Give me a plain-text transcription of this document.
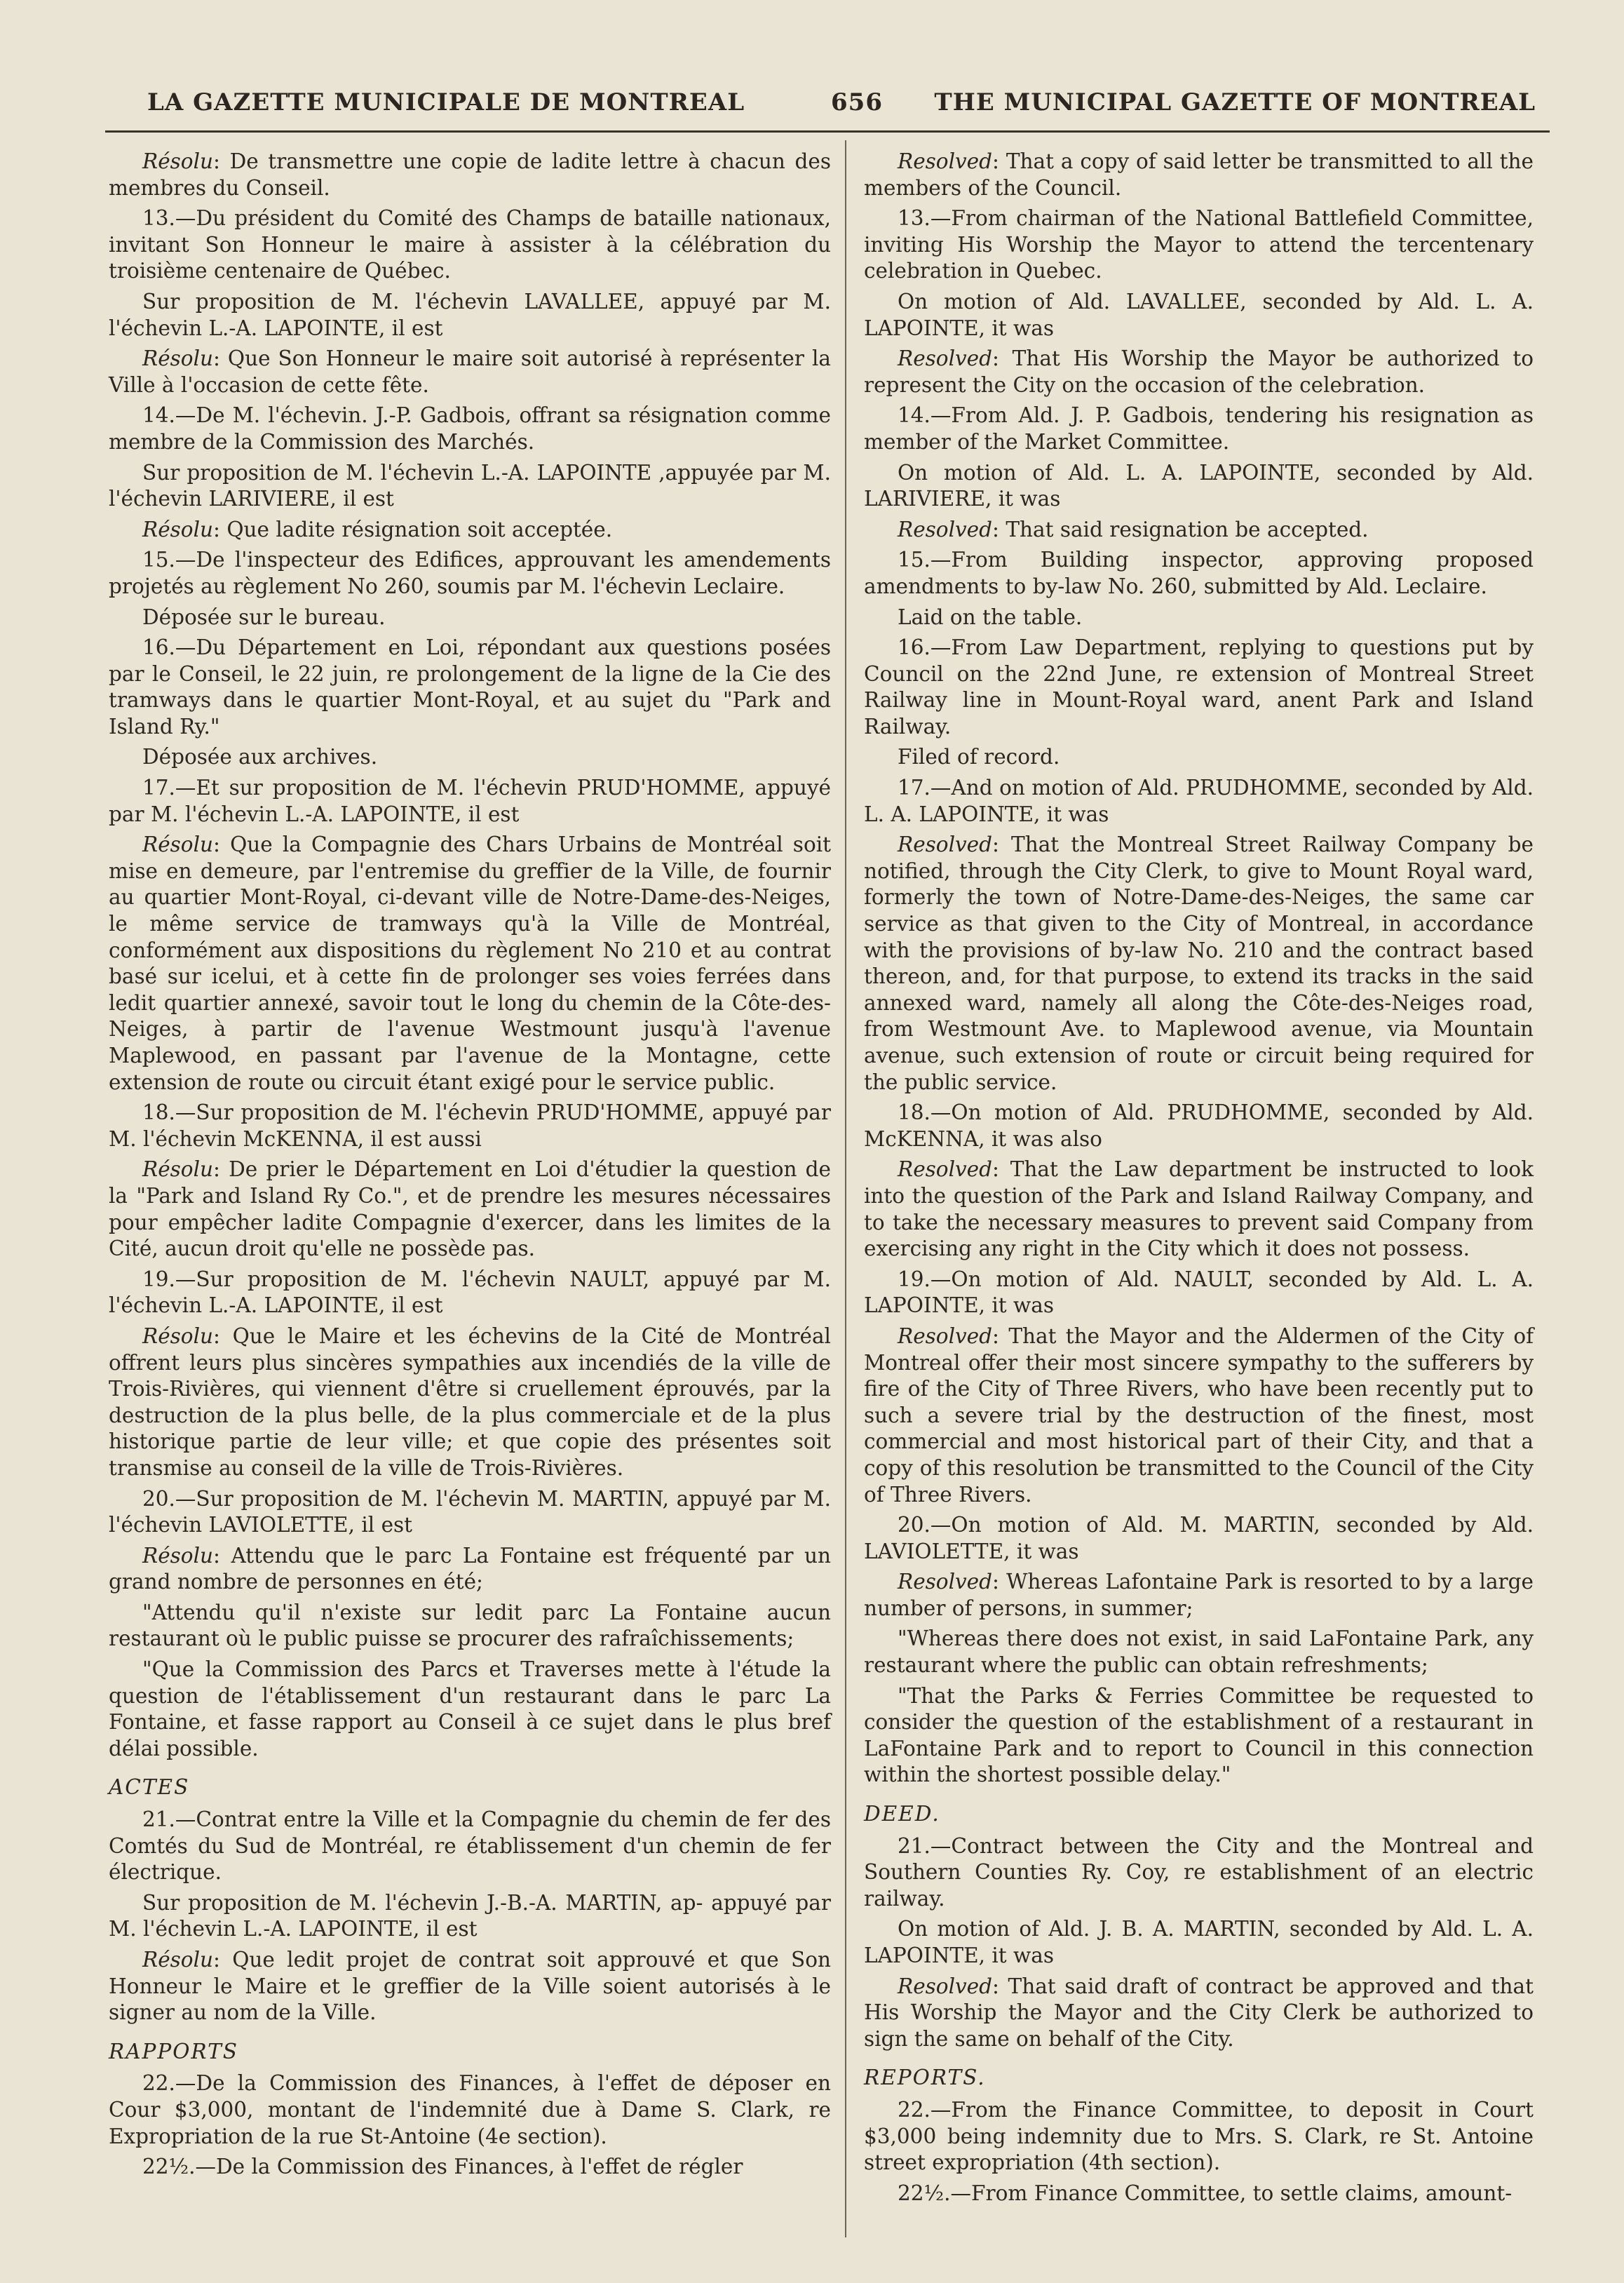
LA GAZETTE MUNICIPALE DE MONTREAL	656 THE MUNICIPAL GAZETTE OF MONTREAL

Résolu: De transmettre une copie de ladite lettre à chacun des membres du Conseil.

13.—Du président du Comité des Champs de bataille nationaux, invitant Son Honneur le maire à assister à la célébration du troisième centenaire de Québec.

Sur proposition de M. l'échevin LAVALLEE, appuyé par M. l'échevin L.-A. LAPOINTE, il est

Résolu: Que Son Honneur le maire soit autorisé à représenter la Ville à l'occasion de cette fête.

14.—De M. l'échevin. J.-P. Gadbois, offrant sa résignation comme membre de la Commission des Marchés.

Sur proposition de M. l'échevin L.-A. LAPOINTE ,appuyée par M. l'échevin LARIVIERE, il est

Résolu: Que ladite résignation soit acceptée.

15.—De l'inspecteur des Edifices, approuvant les amendements projetés au règlement No 260, soumis par M. l'échevin Leclaire.

Déposée sur le bureau.

16.—Du Département en Loi, répondant aux questions posées par le Conseil, le 22 juin, re prolongement de la ligne de la Cie des tramways dans le quartier Mont-Royal, et au sujet du "Park and Island Ry."

Déposée aux archives.

17.—Et sur proposition de M. l'échevin PRUD'HOMME, appuyé par M. l'échevin L.-A. LAPOINTE, il est

Résolu: Que la Compagnie des Chars Urbains de Montréal soit mise en demeure, par l'entremise du greffier de la Ville, de fournir au quartier Mont-Royal, ci-devant ville de Notre-Dame-des-Neiges, le même service de tramways qu'à la Ville de Montréal, conformément aux dispositions du règlement No 210 et au contrat basé sur icelui, et à cette fin de prolonger ses voies ferrées dans ledit quartier annexé, savoir tout le long du chemin de la Côte-des-Neiges, à partir de l'avenue Westmount jusqu'à l'avenue Maplewood, en passant par l'avenue de la Montagne, cette extension de route ou circuit étant exigé pour le service public.

18.—Sur proposition de M. l'échevin PRUD'HOMME, appuyé par M. l'échevin McKENNA, il est aussi

Résolu: De prier le Département en Loi d'étudier la question de la "Park and Island Ry Co.", et de prendre les mesures nécessaires pour empêcher ladite Compagnie d'exercer, dans les limites de la Cité, aucun droit qu'elle ne possède pas.

19.—Sur proposition de M. l'échevin NAULT, appuyé par M. l'échevin L.-A. LAPOINTE, il est

Résolu: Que le Maire et les échevins de la Cité de Montréal offrent leurs plus sincères sympathies aux incendiés de la ville de Trois-Rivières, qui viennent d'être si cruellement éprouvés, par la destruction de la plus belle, de la plus commerciale et de la plus historique partie de leur ville; et que copie des présentes soit transmise au conseil de la ville de Trois-Rivières.

20.—Sur proposition de M. l'échevin M. MARTIN, appuyé par M. l'échevin LAVIOLETTE, il est

Résolu: Attendu que le parc La Fontaine est fréquenté par un grand nombre de personnes en été;

"Attendu qu'il n'existe sur ledit parc La Fontaine aucun restaurant où le public puisse se procurer des rafraîchissements;

"Que la Commission des Parcs et Traverses mette à l'étude la question de l'établissement d'un restaurant dans le parc La Fontaine, et fasse rapport au Conseil à ce sujet dans le plus bref délai possible.

ACTES

21.—Contrat entre la Ville et la Compagnie du chemin de fer des Comtés du Sud de Montréal, re établissement d'un chemin de fer électrique.

Sur proposition de M. l'échevin J.-B.-A. MARTIN, ap- appuyé par M. l'échevin L.-A. LAPOINTE, il est

Résolu: Que ledit projet de contrat soit approuvé et que Son Honneur le Maire et le greffier de la Ville soient autorisés à le signer au nom de la Ville.

RAPPORTS

22.—De la Commission des Finances, à l'effet de déposer en Cour $3,000, montant de l'indemnité due à Dame S. Clark, re Expropriation de la rue St-Antoine (4e section).

22½.—De la Commission des Finances, à l'effet de régler

Resolved: That a copy of said letter be transmitted to all the members of the Council.

13.—From chairman of the National Battlefield Committee, inviting His Worship the Mayor to attend the tercentenary celebration in Quebec.

On motion of Ald. LAVALLEE, seconded by Ald. L. A. LAPOINTE, it was

Resolved: That His Worship the Mayor be authorized to represent the City on the occasion of the celebration.

14.—From Ald. J. P. Gadbois, tendering his resignation as member of the Market Committee.

On motion of Ald. L. A. LAPOINTE, seconded by Ald. LARIVIERE, it was

Resolved: That said resignation be accepted.

15.—From Building inspector, approving proposed amendments to by-law No. 260, submitted by Ald. Leclaire.

Laid on the table.

16.—From Law Department, replying to questions put by Council on the 22nd June, re extension of Montreal Street Railway line in Mount-Royal ward, anent Park and Island Railway.

Filed of record.

17.—And on motion of Ald. PRUDHOMME, seconded by Ald. L. A. LAPOINTE, it was

Resolved: That the Montreal Street Railway Company be notified, through the City Clerk, to give to Mount Royal ward, formerly the town of Notre-Dame-des-Neiges, the same car service as that given to the City of Montreal, in accordance with the provisions of by-law No. 210 and the contract based thereon, and, for that purpose, to extend its tracks in the said annexed ward, namely all along the Côte-des-Neiges road, from Westmount Ave. to Maplewood avenue, via Mountain avenue, such extension of route or circuit being required for the public service.

18.—On motion of Ald. PRUDHOMME, seconded by Ald. McKENNA, it was also

Resolved: That the Law department be instructed to look into the question of the Park and Island Railway Company, and to take the necessary measures to prevent said Company from exercising any right in the City which it does not possess.

19.—On motion of Ald. NAULT, seconded by Ald. L. A. LAPOINTE, it was

Resolved: That the Mayor and the Aldermen of the City of Montreal offer their most sincere sympathy to the sufferers by fire of the City of Three Rivers, who have been recently put to such a severe trial by the destruction of the finest, most commercial and most historical part of their City, and that a copy of this resolution be transmitted to the Council of the City of Three Rivers.

20.—On motion of Ald. M. MARTIN, seconded by Ald. LAVIOLETTE, it was

Resolved: Whereas Lafontaine Park is resorted to by a large number of persons, in summer;

"Whereas there does not exist, in said LaFontaine Park, any restaurant where the public can obtain refreshments;

"That the Parks & Ferries Committee be requested to consider the question of the establishment of a restaurant in LaFontaine Park and to report to Council in this connection within the shortest possible delay."

DEED.

21.—Contract between the City and the Montreal and Southern Counties Ry. Coy, re establishment of an electric railway.

On motion of Ald. J. B. A. MARTIN, seconded by Ald. L. A. LAPOINTE, it was

Resolved: That said draft of contract be approved and that His Worship the Mayor and the City Clerk be authorized to sign the same on behalf of the City.

REPORTS.

22.—From the Finance Committee, to deposit in Court $3,000 being indemnity due to Mrs. S. Clark, re St. Antoine street expropriation (4th section).

22½.—From Finance Committee, to settle claims, amount-
